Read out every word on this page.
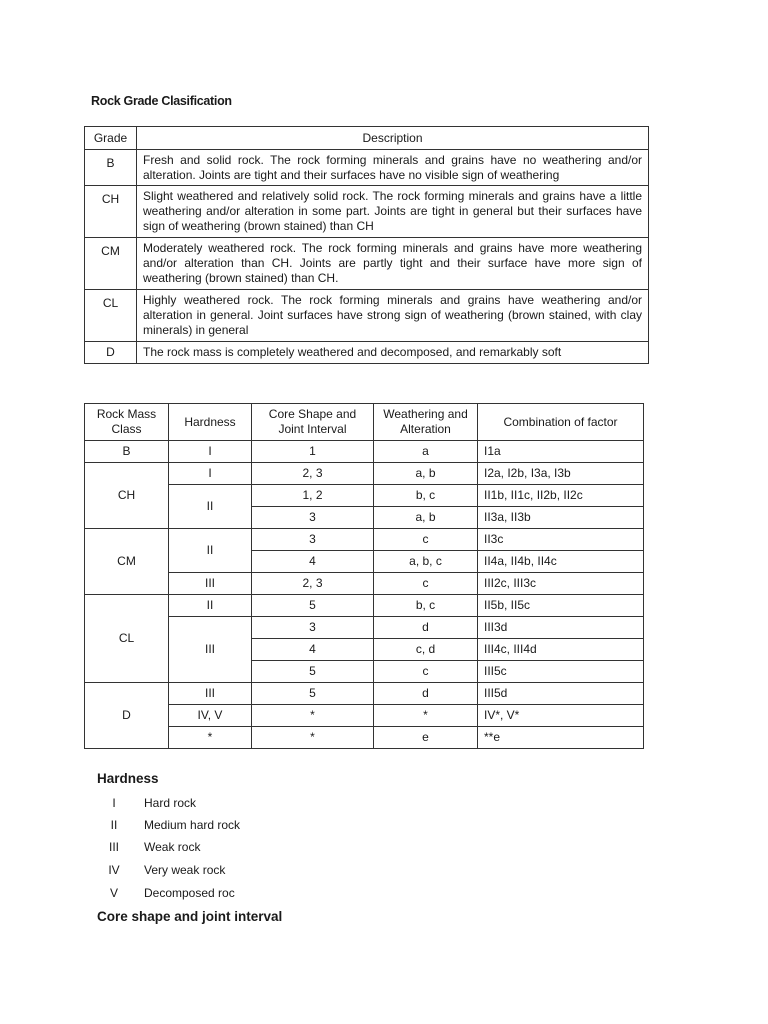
Rock Grade Clasification
Grade	Description
B	Fresh and solid rock. The rock forming minerals and grains have no weathering and/or alteration. Joints are tight and their surfaces have no visible sign of weathering
CH	Slight weathered and relatively solid rock. The rock forming minerals and grains have a little weathering and/or alteration in some part. Joints are tight in general but their surfaces have sign of weathering (brown stained) than CH
CM	Moderately weathered rock. The rock forming minerals and grains have more weathering and/or alteration than CH. Joints are partly tight and their surface have more sign of weathering (brown stained) than CH.
CL	Highly weathered rock. The rock forming minerals and grains have weathering and/or alteration in general. Joint surfaces have strong sign of weathering (brown stained, with clay minerals) in general
D	The rock mass is completely weathered and decomposed, and remarkably soft
Rock Mass Class	Hardness	Core Shape and Joint Interval	Weathering and Alteration	Combination of factor
B	I	1	a	I1a
CH	I	2, 3	a, b	I2a, I2b, I3a, I3b
	II	1, 2	b, c	II1b, II1c, II2b, II2c
		3	a, b	II3a, II3b
CM	II	3	c	II3c
		4	a, b, c	II4a, II4b, II4c
	III	2, 3	c	III2c, III3c
CL	II	5	b, c	II5b, II5c
	III	3	d	III3d
		4	c, d	III4c, III4d
		5	c	III5c
D	III	5	d	III5d
	IV, V	*	*	IV*, V*
	*	*	e	**e
Hardness
I	Hard rock
II	Medium hard rock
III	Weak rock
IV	Very weak rock
V	Decomposed roc
Core shape and joint interval
